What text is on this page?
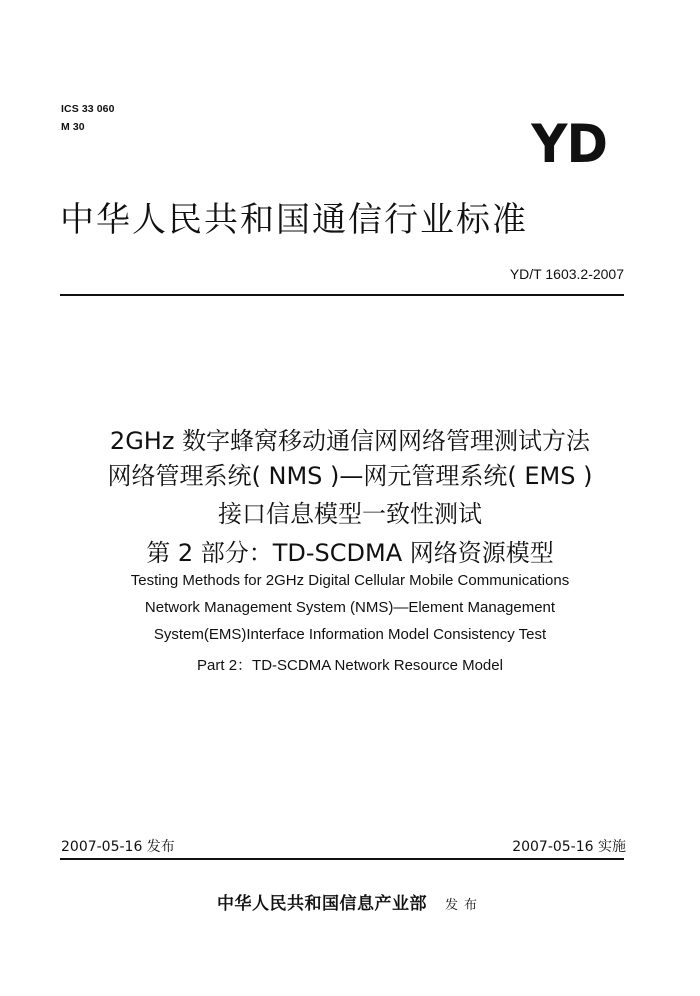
ICS 33 060
M 30	YD
中华人民共和国通信行业标准
YD/T 1603.2-2007
2GHz 数字蜂窝移动通信网网络管理测试方法
网络管理系统( NMS )—网元管理系统( EMS )
接口信息模型一致性测试
第 2 部分：TD-SCDMA 网络资源模型
Testing Methods for 2GHz Digital Cellular Mobile Communications
Network Management System (NMS)—Element Management
System(EMS)Interface Information Model Consistency Test
Part 2：TD-SCDMA Network Resource Model
2007-05-16 发布	2007-05-16 实施
中华人民共和国信息产业部 发布
